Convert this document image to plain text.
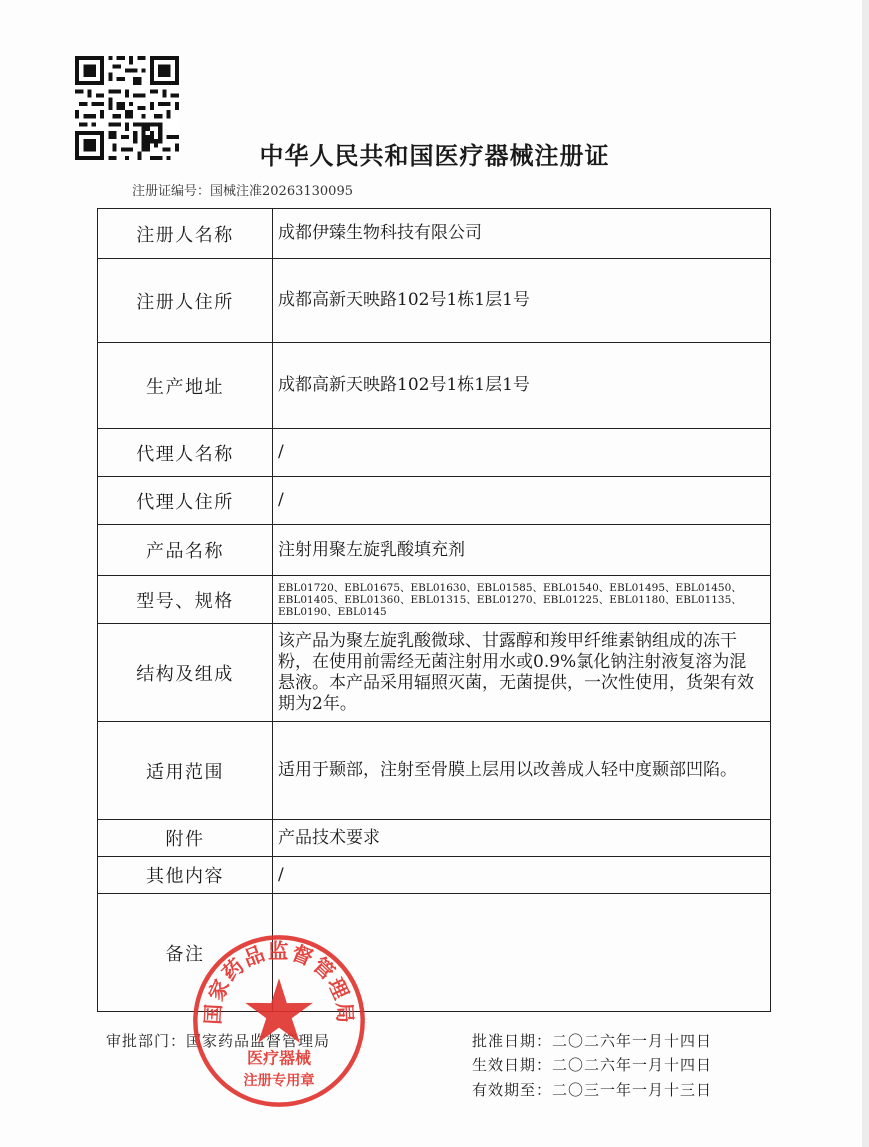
中华人民共和国医疗器械注册证
注册证编号：国械注准20263130095
注册人名称	成都伊臻生物科技有限公司
注册人住所	成都高新天映路102号1栋1层1号
生产地址	成都高新天映路102号1栋1层1号
代理人名称	/
代理人住所	/
产品名称	注射用聚左旋乳酸填充剂
型号、规格	EBL01720、EBL01675、EBL01630、EBL01585、EBL01540、EBL01495、EBL01450、EBL01405、EBL01360、EBL01315、EBL01270、EBL01225、EBL01180、EBL01135、EBL0190、EBL0145
结构及组成	该产品为聚左旋乳酸微球、甘露醇和羧甲纤维素钠组成的冻干粉，在使用前需经无菌注射用水或0.9%氯化钠注射液复溶为混悬液。本产品采用辐照灭菌，无菌提供，一次性使用，货架有效期为2年。
适用范围	适用于颞部，注射至骨膜上层用以改善成人轻中度颞部凹陷。
附件	产品技术要求
其他内容	/
备注	
审批部门：国家药品监督管理局	批准日期：二〇二六年一月十四日
生效日期：二〇二六年一月十四日
有效期至：二〇三一年一月十三日
国家药品监督管理局
医疗器械
注册专用章
